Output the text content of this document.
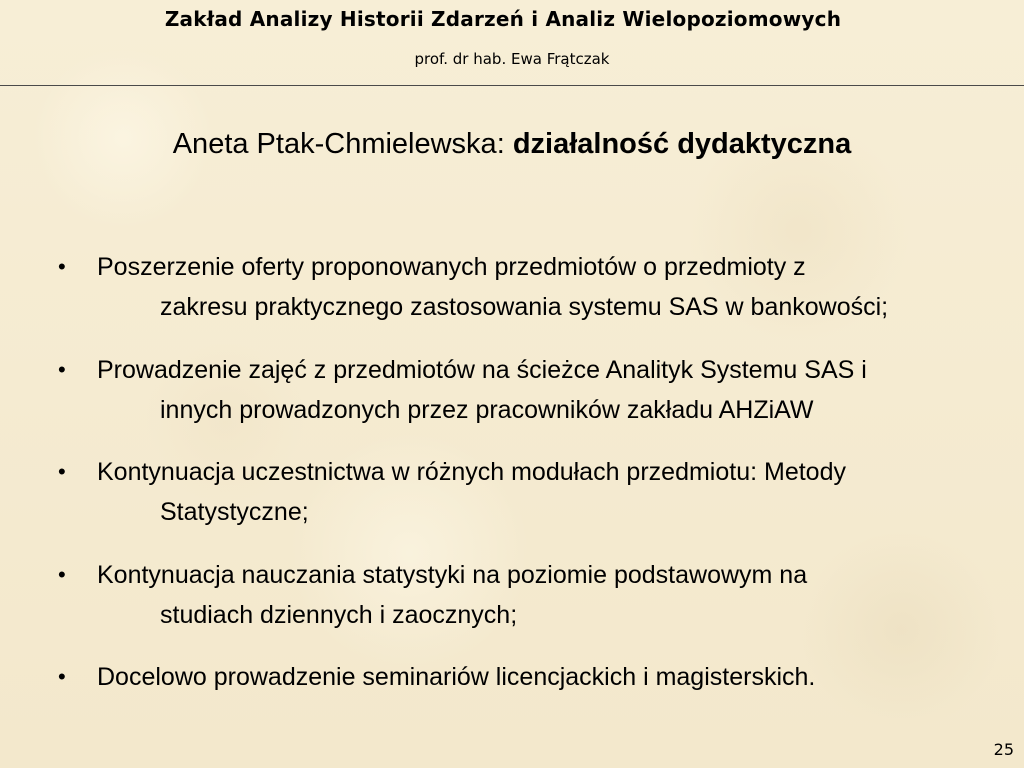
Zakład Analizy Historii Zdarzeń i Analiz Wielopoziomowych
prof. dr hab. Ewa Frątczak
Aneta Ptak-Chmielewska: działalność dydaktyczna
•	Poszerzenie oferty proponowanych przedmiotów o przedmioty z
zakresu praktycznego zastosowania systemu SAS w bankowości;
•	Prowadzenie zajęć z przedmiotów na ścieżce Analityk Systemu SAS i
innych prowadzonych przez pracowników zakładu AHZiAW
•	Kontynuacja uczestnictwa w różnych modułach przedmiotu: Metody
Statystyczne;
•	Kontynuacja nauczania statystyki na poziomie podstawowym na
studiach dziennych i zaocznych;
•	Docelowo prowadzenie seminariów licencjackich i magisterskich.
25
